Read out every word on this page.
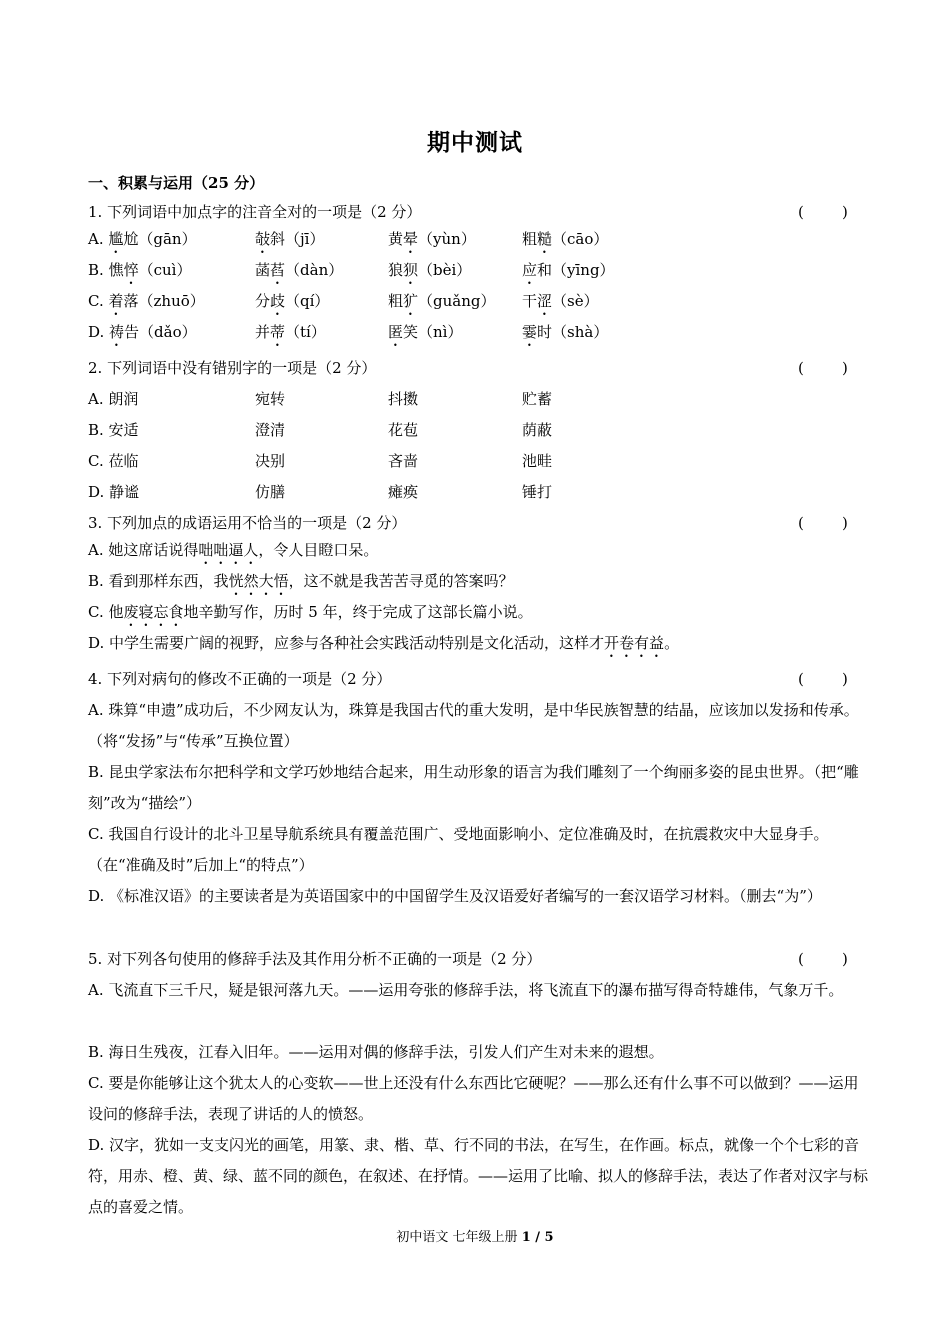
期中测试
一、积累与运用（25 分）
1. 下列词语中加点字的注音全对的一项是（2 分）	(        )
A. 尴尬（gān）	敧斜（jī）	黄晕（yùn）	粗糙（cāo）
B. 憔悴（cuì）	菡萏（dàn）	狼狈（bèi）	应和（yīng）
C. 着落（zhuō）	分歧（qí）	粗犷（guǎng） 干涩（sè）
D. 祷告（dǎo）	并蒂（tí）	匿笑（nì）	霎时（shà）
2. 下列词语中没有错别字的一项是（2 分）	(        )
A. 朗润	宛转	抖擞	贮蓄
B. 安适	澄清	花苞	荫蔽
C. 莅临	决别	吝啬	池畦
D. 静谧	仿膳	瘫痪	锤打
3. 下列加点的成语运用不恰当的一项是（2 分）	(        )
A. 她这席话说得咄咄逼人，令人目瞪口呆。
B. 看到那样东西，我恍然大悟，这不就是我苦苦寻觅的答案吗？
C. 他废寝忘食地辛勤写作，历时 5 年，终于完成了这部长篇小说。
D. 中学生需要广阔的视野，应参与各种社会实践活动特别是文化活动，这样才开卷有益。
4. 下列对病句的修改不正确的一项是（2 分）	(        )
A. 珠算“申遗”成功后，不少网友认为，珠算是我国古代的重大发明，是中华民族智慧的结晶，应该加以发扬和传承。（将“发扬”与“传承”互换位置）
B. 昆虫学家法布尔把科学和文学巧妙地结合起来，用生动形象的语言为我们雕刻了一个绚丽多姿的昆虫世界。（把“雕刻”改为“描绘”）
C. 我国自行设计的北斗卫星导航系统具有覆盖范围广、受地面影响小、定位准确及时，在抗震救灾中大显身手。（在“准确及时”后加上“的特点”）
D. 《标准汉语》的主要读者是为英语国家中的中国留学生及汉语爱好者编写的一套汉语学习材料。（删去“为”）
5. 对下列各句使用的修辞手法及其作用分析不正确的一项是（2 分）	(        )
A. 飞流直下三千尺，疑是银河落九天。——运用夸张的修辞手法，将飞流直下的瀑布描写得奇特雄伟，气象万千。
B. 海日生残夜，江春入旧年。——运用对偶的修辞手法，引发人们产生对未来的遐想。
C. 要是你能够让这个犹太人的心变软——世上还没有什么东西比它硬呢？——那么还有什么事不可以做到？——运用设问的修辞手法，表现了讲话的人的愤怒。
D. 汉字，犹如一支支闪光的画笔，用篆、隶、楷、草、行不同的书法，在写生，在作画。标点，就像一个个七彩的音符，用赤、橙、黄、绿、蓝不同的颜色，在叙述、在抒情。——运用了比喻、拟人的修辞手法，表达了作者对汉字与标点的喜爱之情。
初中语文 七年级上册 1 / 5
